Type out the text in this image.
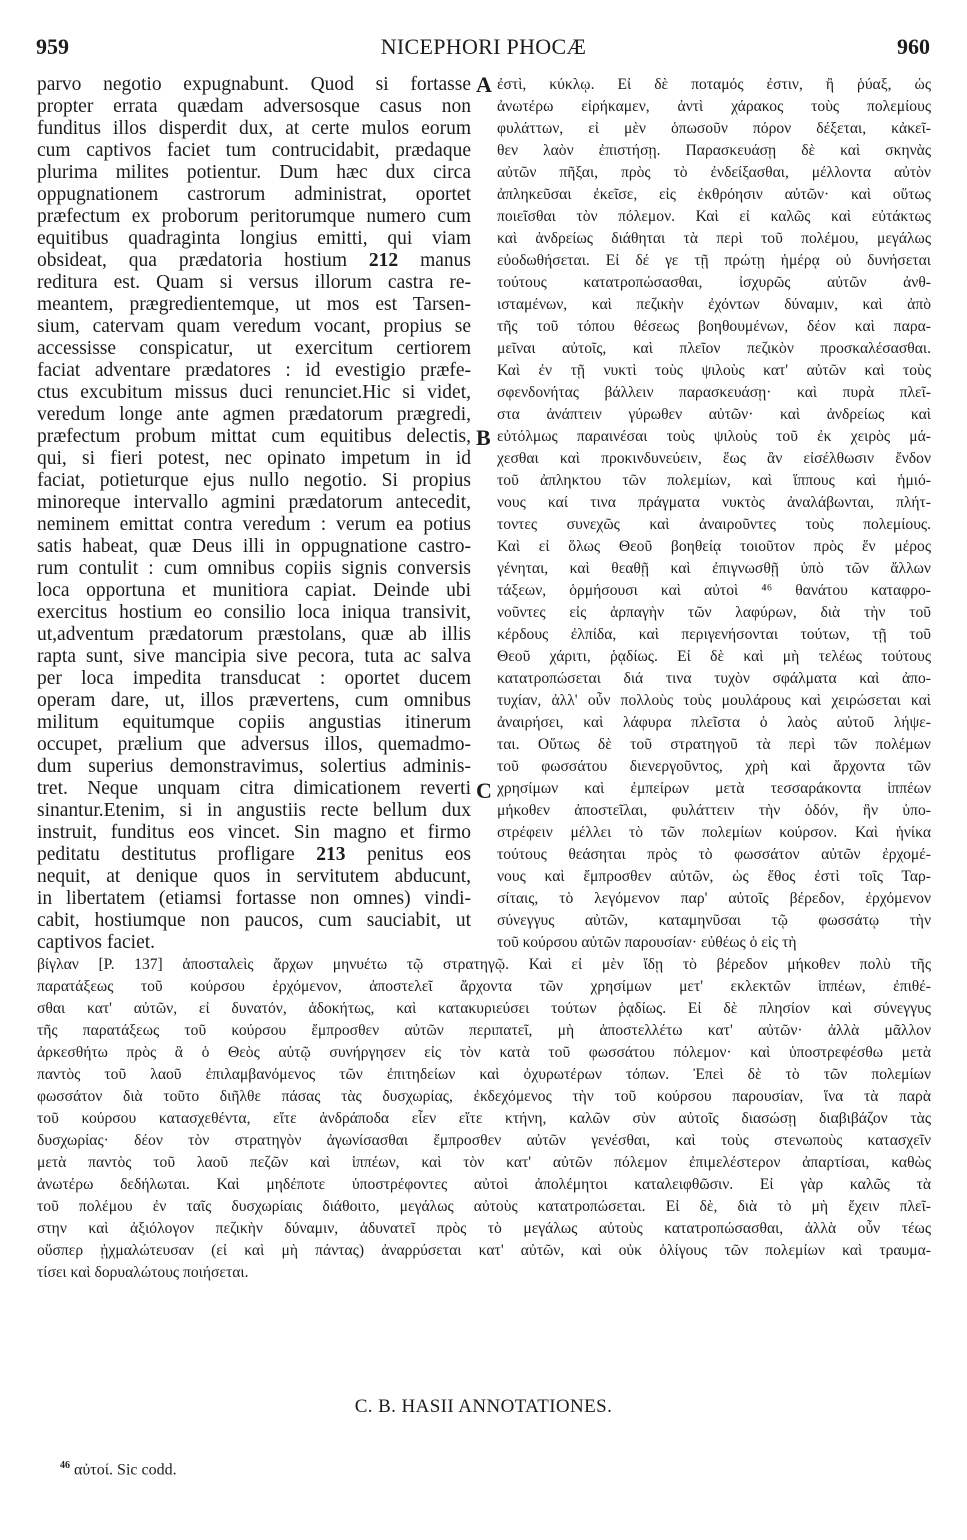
959	NICEPHORI PHOCÆ	960
parvo negotio expugnabunt. Quod si fortasse
propter errata quædam adversosque casus non
funditus illos disperdit dux, at certe mulos eorum
cum captivos faciet tum contrucidabit, prædaque
plurima milites potientur. Dum hæc dux circa
oppugnationem castrorum administrat, oportet
præfectum ex proborum peritorumque numero cum
equitibus quadraginta longius emitti, qui viam
obsideat, qua prædatoria hostium 212 manus
reditura est. Quam si versus illorum castra re-
meantem, prægredientemque, ut mos est Tarsen-
sium, catervam quam veredum vocant, propius se
accessisse conspicatur, ut exercitum certiorem
faciat adventare prædatores : id evestigio præfe-
ctus excubitum missus duci renunciet.Hic si videt,
veredum longe ante agmen prædatorum prægredi,
præfectum probum mittat cum equitibus delectis,
qui, si fieri potest, nec opinato impetum in id
faciat, potieturque ejus nullo negotio. Si propius
minoreque intervallo agmini prædatorum antecedit,
neminem emittat contra veredum : verum ea potius
satis habeat, quæ Deus illi in oppugnatione castro-
rum contulit : cum omnibus copiis signis conversis
loca opportuna et munitiora capiat. Deinde ubi
exercitus hostium eo consilio loca iniqua transivit,
ut,adventum prædatorum præstolans, quæ ab illis
rapta sunt, sive mancipia sive pecora, tuta ac salva
per loca impedita transducat : oportet ducem
operam dare, ut, illos prævertens, cum omnibus
militum equitumque copiis angustias itinerum
occupet, prælium que adversus illos, quemadmo-
dum superius demonstravimus, solertius adminis-
tret. Neque unquam citra dimicationem reverti
sinantur.Etenim, si in angustiis recte bellum dux
instruit, funditus eos vincet. Sin magno et firmo
peditatu destitutus profligare 213 penitus eos
nequit, at denique quos in servitutem abducunt,
in libertatem (etiamsi fortasse non omnes) vindi-
cabit, hostiumque non paucos, cum sauciabit, ut
captivos faciet.
ἐστὶ, κύκλῳ. Εἰ δὲ ποταμός ἐστιν, ἢ ῥύαξ, ὡς
ἀνωτέρω εἰρήκαμεν, ἀντὶ χάρακος τοὺς πολεμίους
φυλάττων, εἰ μὲν ὁπωσοῦν πόρον δέξεται, κἀκεῖ-
θεν λαὸν ἐπιστήσῃ. Παρασκευάσῃ δὲ καὶ σκηνὰς
αὐτῶν πῆξαι, πρὸς τὸ ἐνδείξασθαι, μέλλοντα αὐτὸν
ἀπληκεῦσαι ἐκεῖσε, εἰς ἐκθρόησιν αὐτῶν· καὶ οὕτως
ποιεῖσθαι τὸν πόλεμον. Καὶ εἰ καλῶς καὶ εὐτάκτως
καὶ ἀνδρείως διάθηται τὰ περὶ τοῦ πολέμου, μεγάλως
εὐοδωθήσεται. Εἰ δέ γε τῇ πρώτῃ ἡμέρᾳ οὐ δυνήσεται
τούτους κατατροπώσασθαι, ἰσχυρῶς αὐτῶν ἀνθ-
ισταμένων, καὶ πεζικὴν ἐχόντων δύναμιν, καὶ ἀπὸ
τῆς τοῦ τόπου θέσεως βοηθουμένων, δέον καὶ παρα-
μεῖναι αὐτοῖς, καὶ πλεῖον πεζικὸν προσκαλέσασθαι.
Καὶ ἐν τῇ νυκτὶ τοὺς ψιλοὺς κατ' αὐτῶν καὶ τοὺς
σφενδονήτας βάλλειν παρασκευάσῃ· καὶ πυρὰ πλεῖ-
στα ἀνάπτειν γύρωθεν αὐτῶν· καὶ ἀνδρείως καὶ
εὐτόλμως παραινέσαι τοὺς ψιλοὺς τοῦ ἐκ χειρὸς μά-
χεσθαι καὶ προκινδυνεύειν, ἕως ἂν εἰσέλθωσιν ἔνδον
τοῦ ἀπληκτου τῶν πολεμίων, καὶ ἵππους καὶ ἡμιό-
νους καί τινα πράγματα νυκτὸς ἀναλάβωνται, πλήτ-
τοντες συνεχῶς καὶ ἀναιροῦντες τοὺς πολεμίους.
Καὶ εἰ ὅλως Θεοῦ βοηθείᾳ τοιοῦτον πρὸς ἕν μέρος
γένηται, καὶ θεαθῇ καὶ ἐπιγνωσθῇ ὑπὸ τῶν ἄλλων
τάξεων, ὁρμήσουσι καὶ αὐτοὶ ⁴⁶ θανάτου καταφρο-
νοῦντες εἰς ἁρπαγὴν τῶν λαφύρων, διὰ τὴν τοῦ
κέρδους ἐλπίδα, καὶ περιγενήσονται τούτων, τῇ τοῦ
Θεοῦ χάριτι, ῥᾳδίως. Εἰ δὲ καὶ μὴ τελέως τούτους
κατατροπώσεται διά τινα τυχὸν σφάλματα καὶ ἀπο-
τυχίαν, ἀλλ' οὖν πολλοὺς τοὺς μουλάρους καὶ χειρώσεται καὶ
ἀναιρήσει, καὶ λάφυρα πλεῖστα ὁ λαὸς αὐτοῦ λήψε-
ται. Οὕτως δὲ τοῦ στρατηγοῦ τὰ περὶ τῶν πολέμων
τοῦ φωσσάτου διενεργοῦντος, χρὴ καὶ ἄρχοντα τῶν
χρησίμων καὶ ἐμπείρων μετὰ τεσσαράκοντα ἱππέων
μήκοθεν ἀποστεῖλαι, φυλάττειν τὴν ὁδόν, ἣν ὑπο-
στρέφειν μέλλει τὸ τῶν πολεμίων κούρσον. Καὶ ἡνίκα
τούτους θεάσηται πρὸς τὸ φωσσάτον αὐτῶν ἐρχομέ-
νους καὶ ἔμπροσθεν αὐτῶν, ὡς ἔθος ἐστὶ τοῖς Ταρ-
σίταις, τὸ λεγόμενον παρ' αὐτοῖς βέρεδον, ἐρχόμενον
σύνεγγυς αὐτῶν, καταμηνῦσαι τῷ φωσσάτῳ τὴν
τοῦ κούρσου αὐτῶν παρουσίαν· εὐθέως ὁ εἰς τὴ
A
B
C
βίγλαν [P. 137] ἀποσταλεὶς ἄρχων μηνυέτω τῷ στρατηγῷ. Καὶ εἰ μὲν ἴδῃ τὸ βέρεδον μήκοθεν πολὺ τῆς
παρατάξεως τοῦ κούρσου ἐρχόμενον, ἀποστελεῖ ἄρχοντα τῶν χρησίμων μετ' εκλεκτῶν ἱππέων, ἐπιθέ-
σθαι κατ' αὐτῶν, εἰ δυνατόν, ἀδοκήτως, καὶ κατακυριεύσει τούτων ῥᾳδίως. Εἰ δὲ πλησίον καὶ σύνεγγυς
τῆς παρατάξεως τοῦ κούρσου ἔμπροσθεν αὐτῶν περιπατεῖ, μὴ ἀποστελλέτω κατ' αὐτῶν· ἀλλὰ μᾶλλον
ἀρκεσθήτω πρὸς ἃ ὁ Θεὸς αὐτῷ συνήργησεν εἰς τὸν κατὰ τοῦ φωσσάτου πόλεμον· καὶ ὑποστρεφέσθω μετὰ
παντὸς τοῦ λαοῦ ἐπιλαμβανόμενος τῶν ἐπιτηδείων καὶ ὀχυρωτέρων τόπων. Ἐπεὶ δὲ τὸ τῶν πολεμίων
φωσσάτον διὰ τοῦτο διῆλθε πάσας τὰς δυσχωρίας, ἐκδεχόμενος τὴν τοῦ κούρσου παρουσίαν, ἵνα τὰ παρὰ
τοῦ κούρσου κατασχεθέντα, εἴτε ἀνδράποδα εἶεν εἴτε κτήνη, καλῶν σὺν αὐτοῖς διασώσῃ διαβιβάζον τὰς
δυσχωρίας· δέον τὸν στρατηγὸν ἀγωνίσασθαι ἔμπροσθεν αὐτῶν γενέσθαι, καὶ τοὺς στενωποὺς κατασχεῖν
μετὰ παντὸς τοῦ λαοῦ πεζῶν καὶ ἱππέων, καὶ τὸν κατ' αὐτῶν πόλεμον ἐπιμελέστερον ἀπαρτίσαι, καθὼς
ἀνωτέρω δεδήλωται. Καὶ μηδέποτε ὑποστρέφοντες αὐτοὶ ἀπολέμητοι καταλειφθῶσιν. Εἰ γὰρ καλῶς τὰ
τοῦ πολέμου ἐν ταῖς δυσχωρίαις διάθοιτο, μεγάλως αὐτοὺς κατατροπώσεται. Εἰ δὲ, διὰ τὸ μὴ ἔχειν πλεῖ-
στην καὶ ἀξιόλογον πεζικὴν δύναμιν, ἀδυνατεῖ πρὸς τὸ μεγάλως αὐτοὺς κατατροπώσασθαι, ἀλλὰ οὖν τέως
οὕσπερ ᾐχμαλώτευσαν (εἰ καὶ μὴ πάντας) ἀναρρύσεται κατ' αὐτῶν, καὶ οὐκ ὀλίγους τῶν πολεμίων καὶ τραυμα-
τίσει καὶ δορυαλώτους ποιήσεται.
C. B. HASII ANNOTATIONES.
$^{46}$ αὐτοί. Sic codd.
